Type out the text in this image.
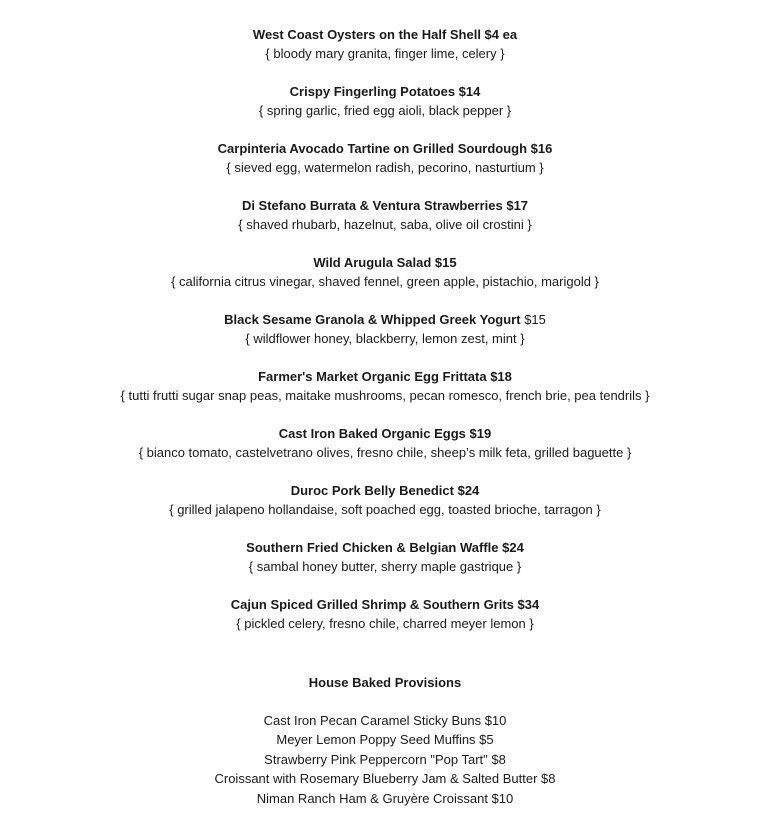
West Coast Oysters on the Half Shell $4 ea
{ bloody mary granita, finger lime, celery }
Crispy Fingerling Potatoes $14
{ spring garlic, fried egg aioli, black pepper }
Carpinteria Avocado Tartine on Grilled Sourdough $16
{ sieved egg, watermelon radish, pecorino, nasturtium }
Di Stefano Burrata & Ventura Strawberries $17
{ shaved rhubarb, hazelnut, saba, olive oil crostini }
Wild Arugula Salad $15
{ california citrus vinegar, shaved fennel, green apple, pistachio, marigold }
Black Sesame Granola & Whipped Greek Yogurt $15
{ wildflower honey, blackberry, lemon zest, mint }
Farmer's Market Organic Egg Frittata $18
{ tutti frutti sugar snap peas, maitake mushrooms, pecan romesco, french brie, pea tendrils }
Cast Iron Baked Organic Eggs $19
{ bianco tomato, castelvetrano olives, fresno chile, sheep’s milk feta, grilled baguette }
Duroc Pork Belly Benedict $24
{ grilled jalapeno hollandaise, soft poached egg, toasted brioche, tarragon }
Southern Fried Chicken & Belgian Waffle $24
{ sambal honey butter, sherry maple gastrique }
Cajun Spiced Grilled Shrimp & Southern Grits $34
{ pickled celery, fresno chile, charred meyer lemon }
House Baked Provisions
Cast Iron Pecan Caramel Sticky Buns $10
Meyer Lemon Poppy Seed Muffins $5
Strawberry Pink Peppercorn "Pop Tart" $8
Croissant with Rosemary Blueberry Jam & Salted Butter $8
Niman Ranch Ham & Gruyère Croissant $10
